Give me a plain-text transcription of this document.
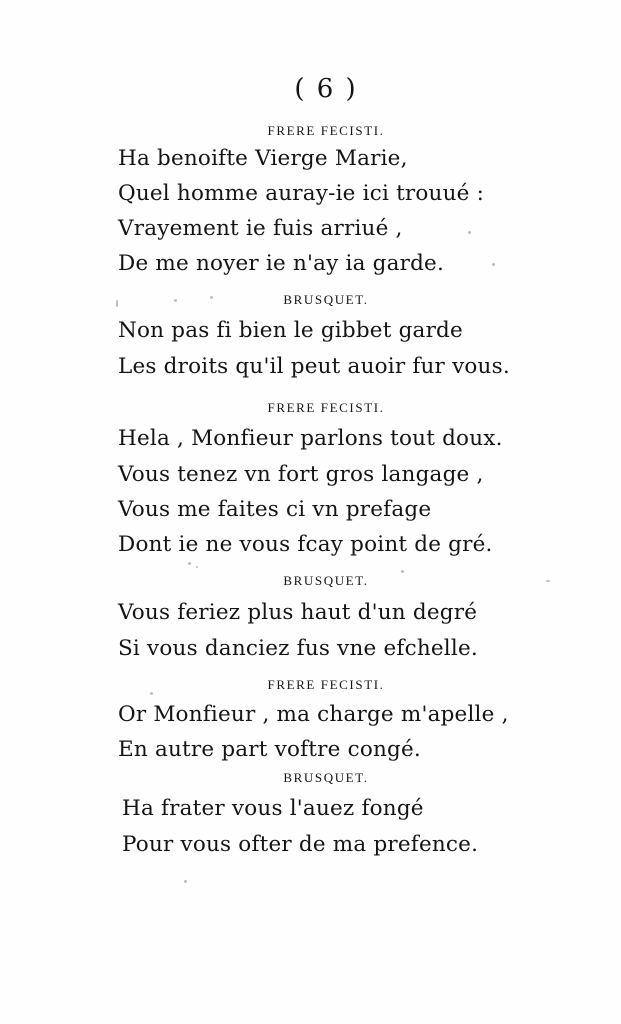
( 6 )
FRERE FECISTI.
Ha benoifte Vierge Marie,
Quel homme auray-ie ici trouué :
Vrayement ie fuis arriué ,
De me noyer ie n'ay ia garde.
BRUSQUET.
Non pas fi bien le gibbet garde
Les droits qu'il peut auoir fur vous.
FRERE FECISTI.
Hela , Monfieur parlons tout doux.
Vous tenez vn fort gros langage ,
Vous me faites ci vn prefage
Dont ie ne vous fcay point de gré.
BRUSQUET.
Vous feriez plus haut d'un degré
Si vous danciez fus vne efchelle.
FRERE FECISTI.
Or Monfieur , ma charge m'apelle ,
En autre part voftre congé.
BRUSQUET.
Ha frater vous l'auez fongé
Pour vous ofter de ma prefence.
